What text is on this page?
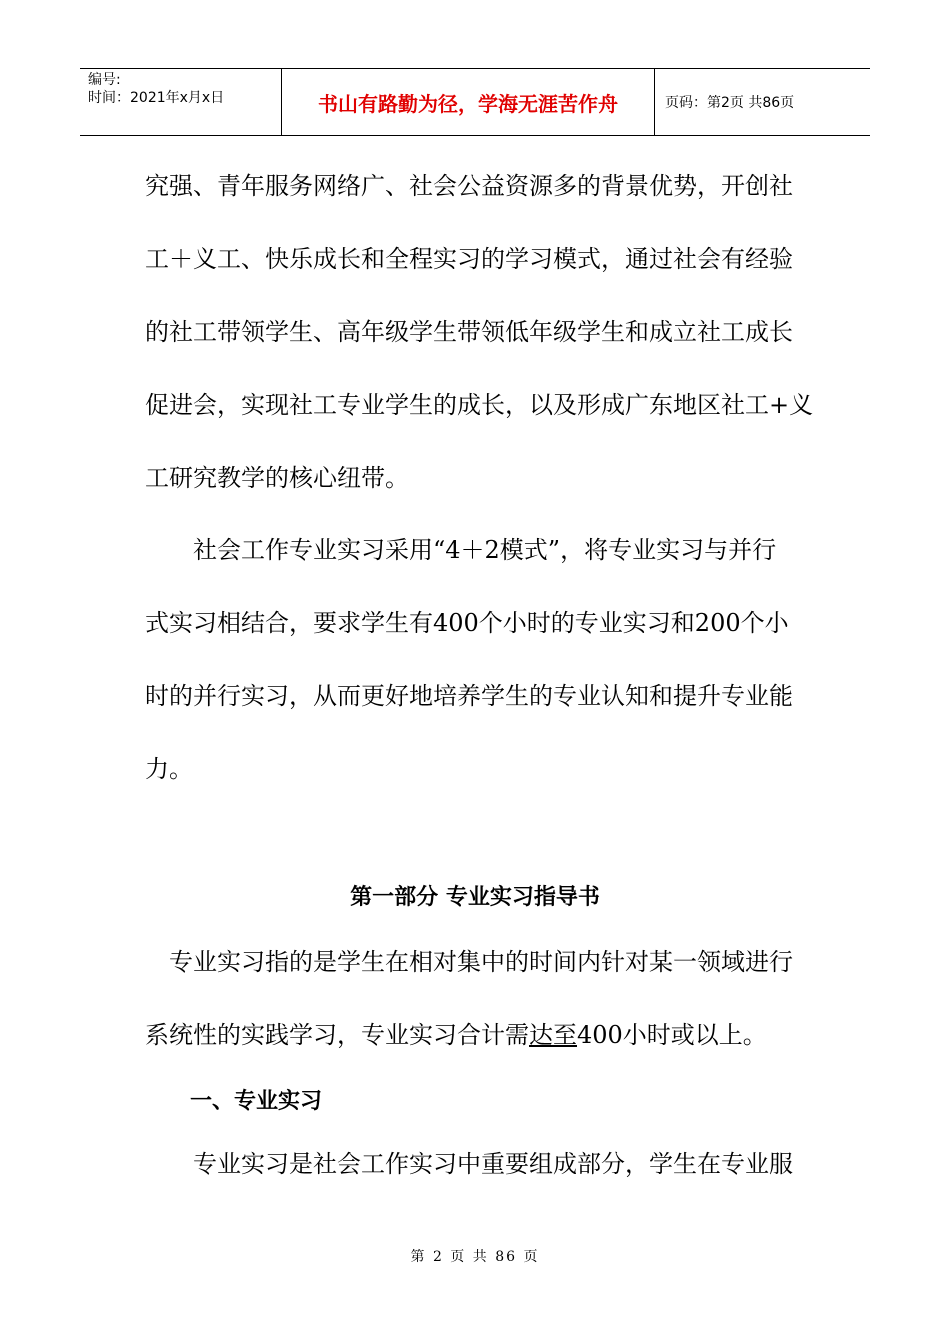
编号:
时间：2021年x月x日	书山有路勤为径，学海无涯苦作舟	页码：第2页 共86页
究强、青年服务网络广、社会公益资源多的背景优势，开创社
工＋义工、快乐成长和全程实习的学习模式，通过社会有经验
的社工带领学生、高年级学生带领低年级学生和成立社工成长
促进会，实现社工专业学生的成长，以及形成广东地区社工+义
工研究教学的核心纽带。
社会工作专业实习采用“4＋2模式”，将专业实习与并行
式实习相结合，要求学生有400个小时的专业实习和200个小
时的并行实习，从而更好地培养学生的专业认知和提升专业能
力。
第一部分 专业实习指导书
专业实习指的是学生在相对集中的时间内针对某一领域进行
系统性的实践学习，专业实习合计需达至400小时或以上。
一、专业实习
专业实习是社会工作实习中重要组成部分，学生在专业服
第 2 页 共 86 页
